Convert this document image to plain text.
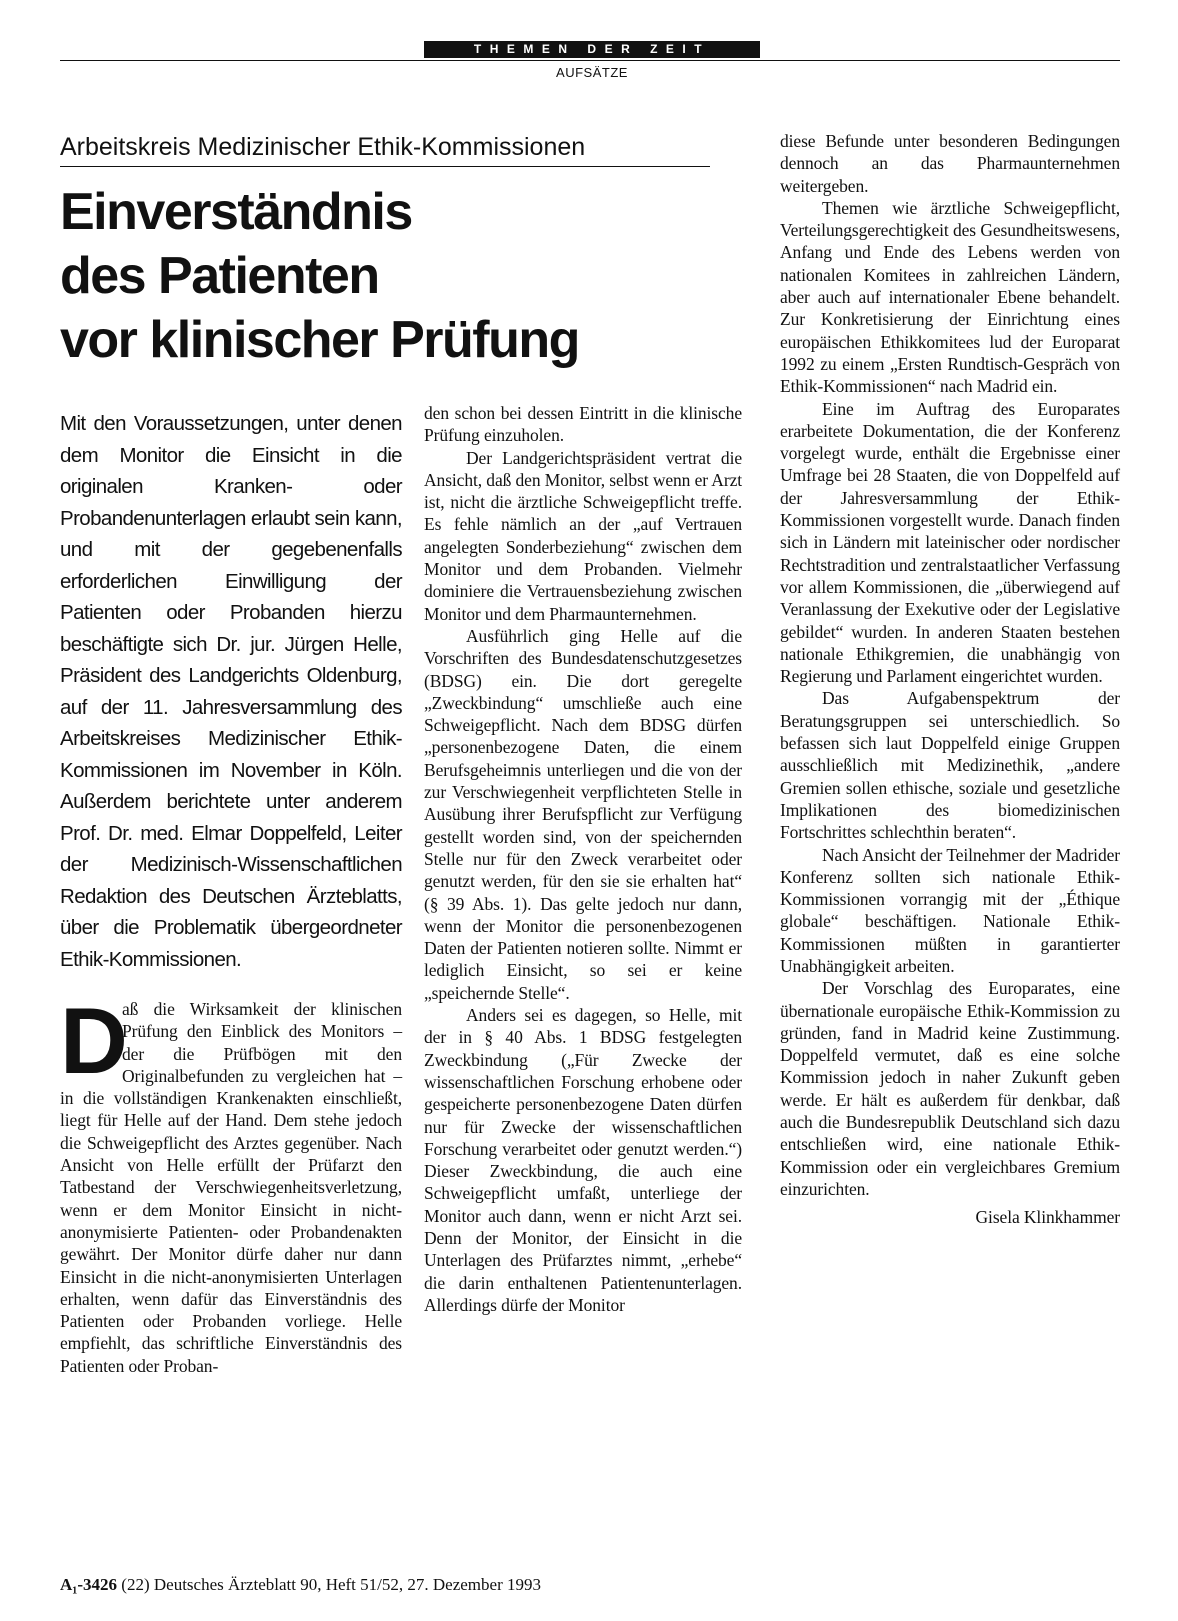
THEMEN DER ZEIT
AUFSÄTZE
Arbeitskreis Medizinischer Ethik-Kommissionen
Einverständnis
des Patienten
vor klinischer Prüfung

Mit den Voraussetzungen, unter denen dem Monitor die Einsicht in die originalen Kranken- oder Probandenunterlagen erlaubt sein kann, und mit der gegebenenfalls erforderlichen Einwilligung der Patienten oder Probanden hierzu beschäftigte sich Dr. jur. Jürgen Helle, Präsident des Landgerichts Oldenburg, auf der 11. Jahresversammlung des Arbeitskreises Medizinischer Ethik-Kommissionen im November in Köln. Außerdem berichtete unter anderem Prof. Dr. med. Elmar Doppelfeld, Leiter der Medizinisch-Wissenschaftlichen Redaktion des Deutschen Ärzteblatts, über die Problematik übergeordneter Ethik-Kommissionen.

D

aß die Wirksamkeit der klinischen Prüfung den Einblick des Monitors – der die Prüfbögen mit den Originalbefunden zu vergleichen hat – in die vollständigen Krankenakten einschließt, liegt für Helle auf der Hand. Dem stehe jedoch die Schweigepflicht des Arztes gegenüber. Nach Ansicht von Helle erfüllt der Prüfarzt den Tatbestand der Verschwiegenheitsverletzung, wenn er dem Monitor Einsicht in nicht-anonymisierte Patienten- oder Probandenakten gewährt. Der Monitor dürfe daher nur dann Einsicht in die nicht-anonymisierten Unterlagen erhalten, wenn dafür das Einverständnis des Patienten oder Probanden vorliege. Helle empfiehlt, das schriftliche Einverständnis des Patienten oder Proban-

den schon bei dessen Eintritt in die klinische Prüfung einzuholen.

Der Landgerichtspräsident vertrat die Ansicht, daß den Monitor, selbst wenn er Arzt ist, nicht die ärztliche Schweigepflicht treffe. Es fehle nämlich an der „auf Vertrauen angelegten Sonderbeziehung“ zwischen dem Monitor und dem Probanden. Vielmehr dominiere die Vertrauensbeziehung zwischen Monitor und dem Pharmaunternehmen.

Ausführlich ging Helle auf die Vorschriften des Bundesdatenschutzgesetzes (BDSG) ein. Die dort geregelte „Zweckbindung“ umschließe auch eine Schweigepflicht. Nach dem BDSG dürfen „personenbezogene Daten, die einem Berufsgeheimnis unterliegen und die von der zur Verschwiegenheit verpflichteten Stelle in Ausübung ihrer Berufspflicht zur Verfügung gestellt worden sind, von der speichernden Stelle nur für den Zweck verarbeitet oder genutzt werden, für den sie sie erhalten hat“ (§ 39 Abs. 1). Das gelte jedoch nur dann, wenn der Monitor die personenbezogenen Daten der Patienten notieren sollte. Nimmt er lediglich Einsicht, so sei er keine „speichernde Stelle“.

Anders sei es dagegen, so Helle, mit der in § 40 Abs. 1 BDSG festgelegten Zweckbindung („Für Zwecke der wissenschaftlichen Forschung erhobene oder gespeicherte personenbezogene Daten dürfen nur für Zwecke der wissenschaftlichen Forschung verarbeitet oder genutzt werden.“) Dieser Zweckbindung, die auch eine Schweigepflicht umfaßt, unterliege der Monitor auch dann, wenn er nicht Arzt sei. Denn der Monitor, der Einsicht in die Unterlagen des Prüfarztes nimmt, „erhebe“ die darin enthaltenen Patientenunterlagen. Allerdings dürfe der Monitor

diese Befunde unter besonderen Bedingungen dennoch an das Pharmaunternehmen weitergeben.

Themen wie ärztliche Schweigepflicht, Verteilungsgerechtigkeit des Gesundheitswesens, Anfang und Ende des Lebens werden von nationalen Komitees in zahlreichen Ländern, aber auch auf internationaler Ebene behandelt. Zur Konkretisierung der Einrichtung eines europäischen Ethikkomitees lud der Europarat 1992 zu einem „Ersten Rundtisch-Gespräch von Ethik-Kommissionen“ nach Madrid ein.

Eine im Auftrag des Europarates erarbeitete Dokumentation, die der Konferenz vorgelegt wurde, enthält die Ergebnisse einer Umfrage bei 28 Staaten, die von Doppelfeld auf der Jahresversammlung der Ethik-Kommissionen vorgestellt wurde. Danach finden sich in Ländern mit lateinischer oder nordischer Rechtstradition und zentralstaatlicher Verfassung vor allem Kommissionen, die „überwiegend auf Veranlassung der Exekutive oder der Legislative gebildet“ wurden. In anderen Staaten bestehen nationale Ethikgremien, die unabhängig von Regierung und Parlament eingerichtet wurden.

Das Aufgabenspektrum der Beratungsgruppen sei unterschiedlich. So befassen sich laut Doppelfeld einige Gruppen ausschließlich mit Medizinethik, „andere Gremien sollen ethische, soziale und gesetzliche Implikationen des biomedizinischen Fortschrittes schlechthin beraten“.

Nach Ansicht der Teilnehmer der Madrider Konferenz sollten sich nationale Ethik-Kommissionen vorrangig mit der „Éthique globale“ beschäftigen. Nationale Ethik-Kommissionen müßten in garantierter Unabhängigkeit arbeiten.

Der Vorschlag des Europarates, eine übernationale europäische Ethik-Kommission zu gründen, fand in Madrid keine Zustimmung. Doppelfeld vermutet, daß es eine solche Kommission jedoch in naher Zukunft geben werde. Er hält es außerdem für denkbar, daß auch die Bundesrepublik Deutschland sich dazu entschließen wird, eine nationale Ethik-Kommission oder ein vergleichbares Gremium einzurichten.

Gisela Klinkhammer
A₁-3426 (22) Deutsches Ärzteblatt 90, Heft 51/52, 27. Dezember 1993
